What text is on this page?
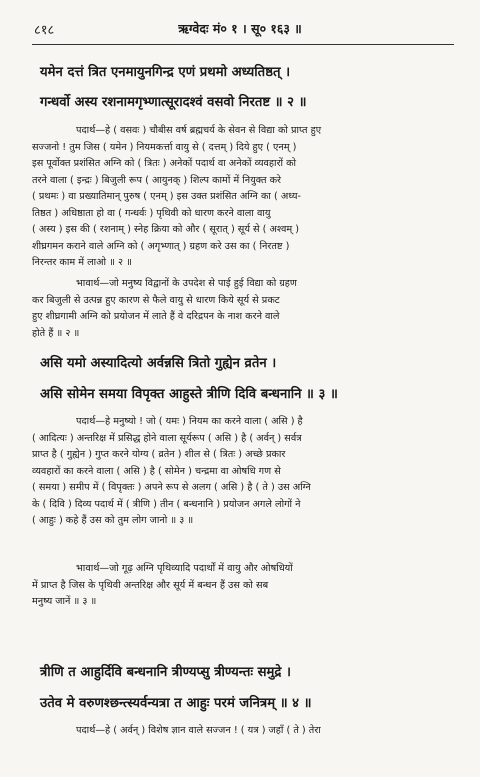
८१८	ऋग्वेदः मं० १ । सू० १६३ ॥
यमेन दत्तं त्रित एनमायुनगिन्द्र एणं प्रथमो अध्यतिष्ठत् ।
गन्धर्वो अस्य रशनामगृभ्णात्सूरादश्वं वसवो निरतष्ट ॥ २ ॥
पदार्थ—हे ( वसवः ) चौबीस वर्ष ब्रह्मचर्य के सेवन से विद्या को प्राप्त हुए
सज्जनो ! तुम जिस ( यमेन ) नियमकर्त्ता वायु से ( दत्तम् ) दिये हुए ( एनम् )
इस पूर्वोक्त प्रशंसित अग्नि को ( त्रितः ) अनेकों पदार्थ वा अनेकों व्यवहारों को
तरने वाला ( इन्द्रः ) बिजुली रूप ( आयुनक् ) शिल्प कामों में नियुक्त करे
( प्रथमः ) वा प्रख्यातिमान् पुरुष ( एनम् ) इस उक्त प्रशंसित अग्नि का ( अध्य-
तिष्ठत ) अधिष्ठाता हो वा ( गन्धर्वः ) पृथिवी को धारण करने वाला वायु
( अस्य ) इस की ( रशनाम् ) स्नेह क्रिया को और ( सूरात् ) सूर्य से ( अश्वम् )
शीघ्रगमन कराने वाले अग्नि को ( अगृभ्णात् ) ग्रहण करे उस का ( निरतष्ट )
निरन्तर काम में लाओ ॥ २ ॥
भावार्थ—जो मनुष्य विद्वानों के उपदेश से पाई हुई विद्या को ग्रहण
कर बिजुली से उत्पन्न हुए कारण से फैले वायु से धारण किये सूर्य से प्रकट
हुए शीघ्रगामी अग्नि को प्रयोजन में लाते हैं वे दरिद्रपन के नाश करने वाले
होते हैं ॥ २ ॥
असि यमो अस्यादित्यो अर्वन्नसि त्रितो गुह्येन व्रतेन ।
असि सोमेन समया विपृक्त आहुस्ते त्रीणि दिवि बन्धनानि ॥ ३ ॥
पदार्थ—हे मनुष्यो ! जो ( यमः ) नियम का करने वाला ( असि ) है
( आदित्यः ) अन्तरिक्ष में प्रसिद्ध होने वाला सूर्यरूप ( असि ) है ( अर्वन् ) सर्वत्र
प्राप्त है ( गुह्येन ) गुप्त करने योग्य ( व्रतेन ) शील से ( त्रितः ) अच्छे प्रकार
व्यवहारों का करने वाला ( असि ) है ( सोमेन ) चन्द्रमा वा ओषधि गण से
( समया ) समीप में ( विपृक्तः ) अपने रूप से अलग ( असि ) है ( ते ) उस अग्नि
के ( दिवि ) दिव्य पदार्थ में ( त्रीणि ) तीन ( बन्धनानि ) प्रयोजन अगले लोगों ने
( आहुः ) कहे हैं उस को तुम लोग जानो ॥ ३ ॥
भावार्थ—जो गूढ़ अग्नि पृथिव्यादि पदार्थों में वायु और ओषधियों
में प्राप्त है जिस के पृथिवी अन्तरिक्ष और सूर्य में बन्धन हैं उस को सब
मनुष्य जानें ॥ ३ ॥
त्रीणि त आहुर्दिवि बन्धनानि त्रीण्यप्सु त्रीण्यन्तः समुद्रे ।
उतेव मे वरुणश्छन्त्स्यर्वन्यत्रा त आहुः परमं जनित्रम् ॥ ४ ॥
पदार्थ—हे ( अर्वन् ) विशेष ज्ञान वाले सज्जन ! ( यत्र ) जहाँ ( ते ) तेरा
